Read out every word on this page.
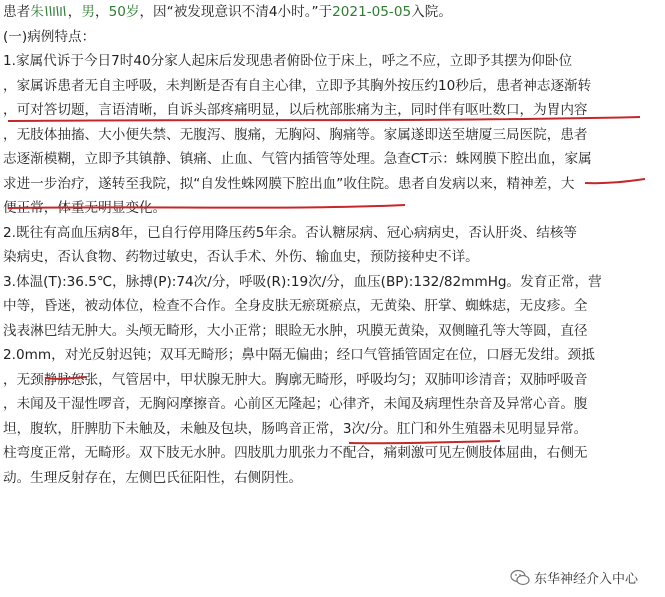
患者朱 ，男，50岁，因“被发现意识不清4小时。”于2021-05-05入院。
(一)病例特点：
1.家属代诉于今日7时40分家人起床后发现患者俯卧位于床上，呼之不应，立即予其摆为仰卧位
，家属诉患者无自主呼吸，未判断是否有自主心律，立即予其胸外按压约10秒后，患者神志逐渐转
，可对答切题，言语清晰，自诉头部疼痛明显，以后枕部胀痛为主，同时伴有呕吐数口，为胃内容
，无肢体抽搐、大小便失禁、无腹泻、腹痛，无胸闷、胸痛等。家属遂即送至塘厦三局医院，患者
志逐渐模糊，立即予其镇静、镇痛、止血、气管内插管等处理。急查CT示：蛛网膜下腔出血，家属
求进一步治疗，遂转至我院，拟“自发性蛛网膜下腔出血”收住院。患者自发病以来，精神差，大
便正常，体重无明显变化。
2.既往有高血压病8年，已自行停用降压药5年余。否认糖尿病、冠心病病史，否认肝炎、结核等
染病史，否认食物、药物过敏史，否认手术、外伤、输血史，预防接种史不详。
3.体温(T):36.5℃，脉搏(P):74次/分，呼吸(R):19次/分，血压(BP):132/82mmHg。发育正常，营
中等，昏迷，被动体位，检查不合作。全身皮肤无瘀斑瘀点，无黄染、肝掌、蜘蛛痣，无皮疹。全
浅表淋巴结无肿大。头颅无畸形，大小正常；眼睑无水肿，巩膜无黄染，双侧瞳孔等大等圆，直径
2.0mm，对光反射迟钝；双耳无畸形；鼻中隔无偏曲；经口气管插管固定在位，口唇无发绀。颈抵
，无颈静脉怒张，气管居中，甲状腺无肿大。胸廓无畸形，呼吸均匀；双肺叩诊清音；双肺呼吸音
，未闻及干湿性啰音，无胸闷摩擦音。心前区无隆起；心律齐，未闻及病理性杂音及异常心音。腹
坦，腹软，肝脾肋下未触及，未触及包块，肠鸣音正常，3次/分。肛门和外生殖器未见明显异常。
柱弯度正常，无畸形。双下肢无水肿。四肢肌力肌张力不配合，痛刺激可见左侧肢体屈曲，右侧无
动。生理反射存在，左侧巴氏征阳性，右侧阴性。
东华神经介入中心
